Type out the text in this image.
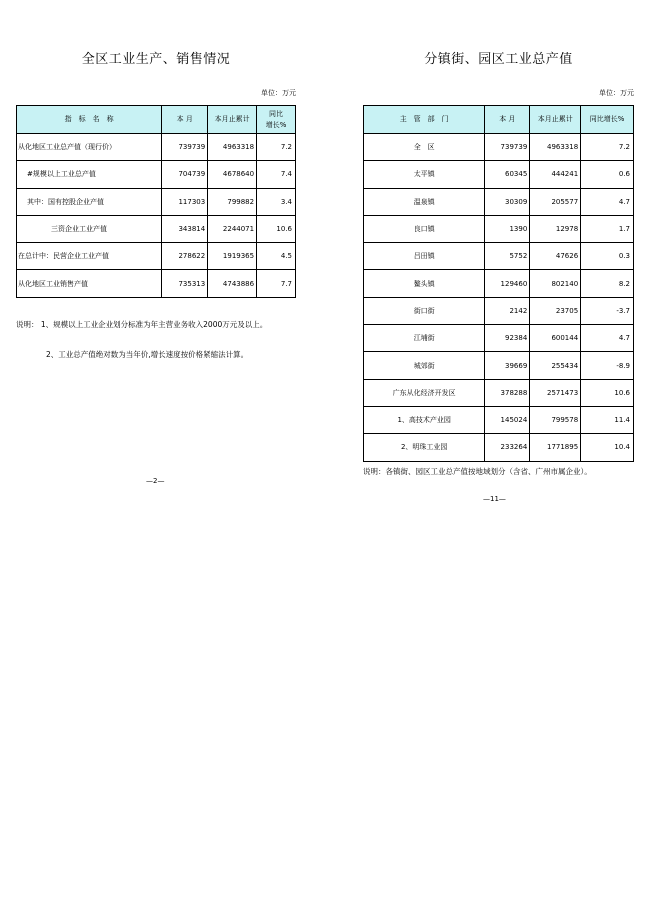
全区工业生产、销售情况
单位：万元
指　标　名　称	本 月	本月止累计	同比
增长%
从化地区工业总产值（现行价）	739739	4963318	7.2
#规模以上工业总产值	704739	4678640	7.4
其中：国有控股企业产值	117303	799882	3.4
三资企业工业产值	343814	2244071	10.6
在总计中：民营企业工业产值	278622	1919365	4.5
从化地区工业销售产值	735313	4743886	7.7
说明： 1、规模以上工业企业划分标准为年主营业务收入2000万元及以上。
2、工业总产值绝对数为当年价,增长速度按价格紧缩法计算。
—2—
分镇街、园区工业总产值
单位：万元
主　管　部　门	本 月	本月止累计	同比增长%
全　区	739739	4963318	7.2
太平镇	60345	444241	0.6
温泉镇	30309	205577	4.7
良口镇	1390	12978	1.7
吕田镇	5752	47626	0.3
鳌头镇	129460	802140	8.2
街口街	2142	23705	-3.7
江埔街	92384	600144	4.7
城郊街	39669	255434	-8.9
广东从化经济开发区	378288	2571473	10.6
1、高技术产业园	145024	799578	11.4
2、明珠工业园	233264	1771895	10.4
说明：各镇街、园区工业总产值按地域划分（含省、广州市属企业）。
—11—
